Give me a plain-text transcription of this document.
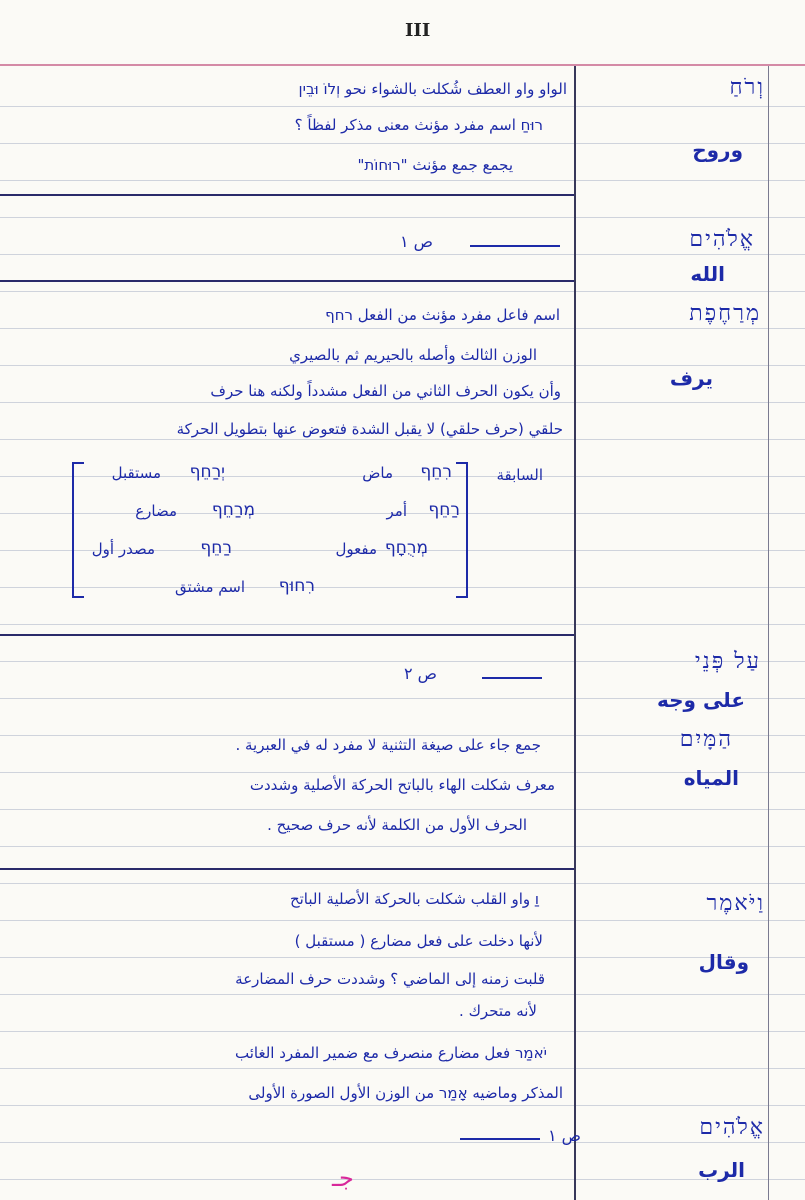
III
וְרֹחַ
وروح
الواو واو العطف شُكلت بالشواء نحو ‏וְלוֹ וּבֵין
רוּחַ اسم مفرد مؤنث معنى مذكر لفظاً ؟
يجمع جمع مؤنث "רוּחוֹת"
אֱלֹהִים
الله
ص ١
מְרַחֶפֶת
يرف
اسم فاعل مفرد مؤنث من الفعل רחף
الوزن الثالث وأصله بالحيريم ثم بالصيري
وأن يكون الحرف الثاني من الفعل مشدداً ولكنه هنا حرف
حلقي (حرف حلقي) لا يقبل الشدة فتعوض عنها بتطويل الحركة
السابقة
רִחֵף
ماض
יְרַחֵף
مستقبل
רַחֵף
أمر
מְרַחֵף
مضارع
מְרֻחָף
مفعول
רַחֵף
مصدر أول
רִחוּף
اسم مشتق
עַל פְּנֵי
على وجه
ص ٢
הַמָּיִם
المياه
جمع جاء على صيغة التثنية لا مفرد له في العبرية .
معرف شكلت الهاء بالباتح الحركة الأصلية وشددت
الحرف الأول من الكلمة لأنه حرف صحيح .
וַיֹּאמֶר
وقال
וַ واو القلب شكلت بالحركة الأصلية الباتح
لأنها دخلت على فعل مضارع ( مستقبل )
قلبت زمنه إلى الماضي ؟ وشددت حرف المضارعة
لأنه متحرك .
יֹאמַר فعل مضارع منصرف مع ضمير المفرد الغائب
المذكر وماضيه אָמַר من الوزن الأول الصورة الأولى
אֱלֹהִים
الرب
ص ١
جـ
